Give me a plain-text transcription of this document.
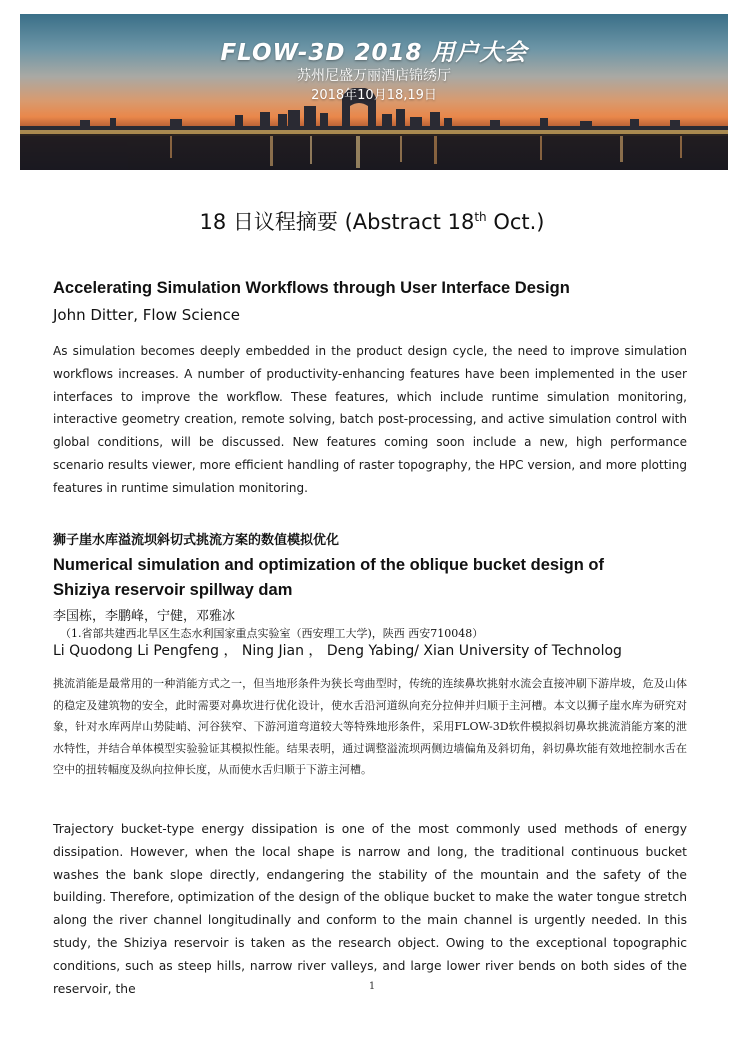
FLOW-3D 2018 用户大会
苏州尼盛万丽酒店锦绣厅
2018年10月18,19日
18 日议程摘要 (Abstract 18th Oct.)
Accelerating Simulation Workflows through User Interface Design
John Ditter, Flow Science
As simulation becomes deeply embedded in the product design cycle, the need to improve simulation workflows increases. A number of productivity-enhancing features have been implemented in the user interfaces to improve the workflow. These features, which include runtime simulation monitoring, interactive geometry creation, remote solving, batch post-processing, and active simulation control with global conditions, will be discussed. New features coming soon include a new, high performance scenario results viewer, more efficient handling of raster topography, the HPC version, and more plotting features in runtime simulation monitoring.
狮子崖水库溢流坝斜切式挑流方案的数值模拟优化
Numerical simulation and optimization of the oblique bucket design of
Shiziya reservoir spillway dam
李国栋，李鹏峰，宁健，邓雅冰
（1.省部共建西北旱区生态水利国家重点实验室（西安理工大学)，陕西 西安710048）
Li Quodong Li Pengfeng ， Ning Jian ， Deng Yabing/ Xian University of Technolog
挑流消能是最常用的一种消能方式之一，但当地形条件为狭长弯曲型时，传统的连续鼻坎挑射水流会直接冲刷下游岸坡，危及山体的稳定及建筑物的安全，此时需要对鼻坎进行优化设计，使水舌沿河道纵向充分拉伸并归顺于主河槽。本文以狮子崖水库为研究对象，针对水库两岸山势陡峭、河谷狭窄、下游河道弯道较大等特殊地形条件，采用FLOW-3D软件模拟斜切鼻坎挑流消能方案的泄水特性，并结合单体模型实验验证其模拟性能。结果表明，通过调整溢流坝两侧边墙偏角及斜切角，斜切鼻坎能有效地控制水舌在空中的扭转幅度及纵向拉伸长度，从而使水舌归顺于下游主河槽。
Trajectory bucket-type energy dissipation is one of the most commonly used methods of energy dissipation. However, when the local shape is narrow and long, the traditional continuous bucket washes the bank slope directly, endangering the stability of the mountain and the safety of the building. Therefore, optimization of the design of the oblique bucket to make the water tongue stretch along the river channel longitudinally and conform to the main channel is urgently needed. In this study, the Shiziya reservoir is taken as the research object. Owing to the exceptional topographic conditions, such as steep hills, narrow river valleys, and large lower river bends on both sides of the reservoir, the	1
